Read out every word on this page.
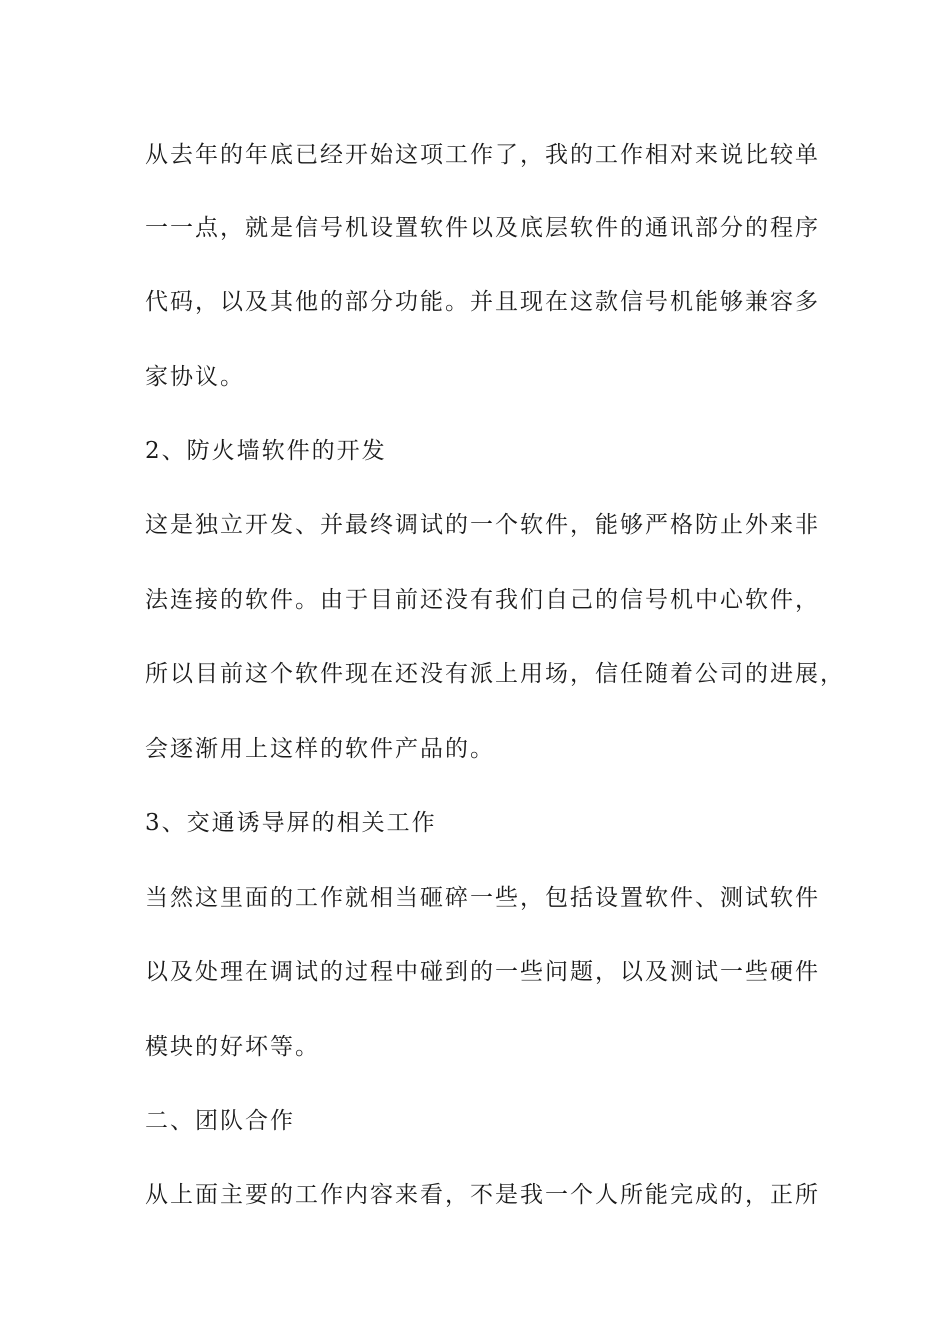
从去年的年底已经开始这项工作了，我的工作相对来说比较单
一一点，就是信号机设置软件以及底层软件的通讯部分的程序
代码，以及其他的部分功能。并且现在这款信号机能够兼容多
家协议。
2、防火墙软件的开发
这是独立开发、并最终调试的一个软件，能够严格防止外来非
法连接的软件。由于目前还没有我们自己的信号机中心软件，
所以目前这个软件现在还没有派上用场，信任随着公司的进展，
会逐渐用上这样的软件产品的。
3、交通诱导屏的相关工作
当然这里面的工作就相当砸碎一些，包括设置软件、测试软件
以及处理在调试的过程中碰到的一些问题，以及测试一些硬件
模块的好坏等。
二、团队合作
从上面主要的工作内容来看，不是我一个人所能完成的，正所
